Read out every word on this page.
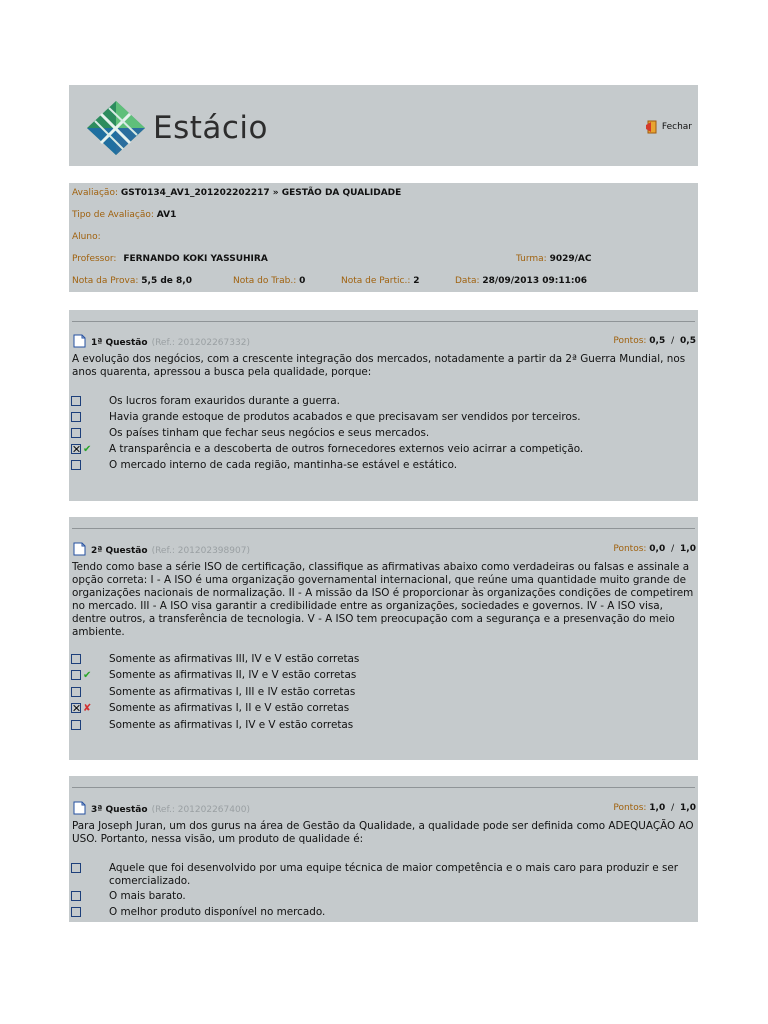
Estácio	Fechar
Avaliação: GST0134_AV1_201202202217 » GESTÃO DA QUALIDADE
Tipo de Avaliação: AV1
Aluno:
Professor: FERNANDO KOKI YASSUHIRA	Turma: 9029/AC
Nota da Prova: 5,5 de 8,0	Nota do Trab.: 0	Nota de Partic.: 2	Data: 28/09/2013 09:11:06
1ª Questão (Ref.: 201202267332)	Pontos: 0,5 / 0,5
A evolução dos negócios, com a crescente integração dos mercados, notadamente a partir da 2ª Guerra Mundial, nos anos quarenta, apressou a busca pela qualidade, porque:
Os lucros foram exauridos durante a guerra.
Havia grande estoque de produtos acabados e que precisavam ser vendidos por terceiros.
Os países tinham que fechar seus negócios e seus mercados.
✔	A transparência e a descoberta de outros fornecedores externos veio acirrar a competição.
O mercado interno de cada região, mantinha-se estável e estático.
2ª Questão (Ref.: 201202398907)	Pontos: 0,0 / 1,0
Tendo como base a série ISO de certificação, classifique as afirmativas abaixo como verdadeiras ou falsas e assinale a opção correta: I - A ISO é uma organização governamental internacional, que reúne uma quantidade muito grande de organizações nacionais de normalização. II - A missão da ISO é proporcionar às organizações condições de competirem no mercado. III - A ISO visa garantir a credibilidade entre as organizações, sociedades e governos. IV - A ISO visa, dentre outros, a transferência de tecnologia. V - A ISO tem preocupação com a segurança e a presenvação do meio ambiente.
Somente as afirmativas III, IV e V estão corretas
✔	Somente as afirmativas II, IV e V estão corretas
Somente as afirmativas I, III e IV estão corretas
✘	Somente as afirmativas I, II e V estão corretas
Somente as afirmativas I, IV e V estão corretas
3ª Questão (Ref.: 201202267400)	Pontos: 1,0 / 1,0
Para Joseph Juran, um dos gurus na área de Gestão da Qualidade, a qualidade pode ser definida como ADEQUAÇÃO AO USO. Portanto, nessa visão, um produto de qualidade é:
Aquele que foi desenvolvido por uma equipe técnica de maior competência e o mais caro para produzir e ser comercializado.
O mais barato.
O melhor produto disponível no mercado.
